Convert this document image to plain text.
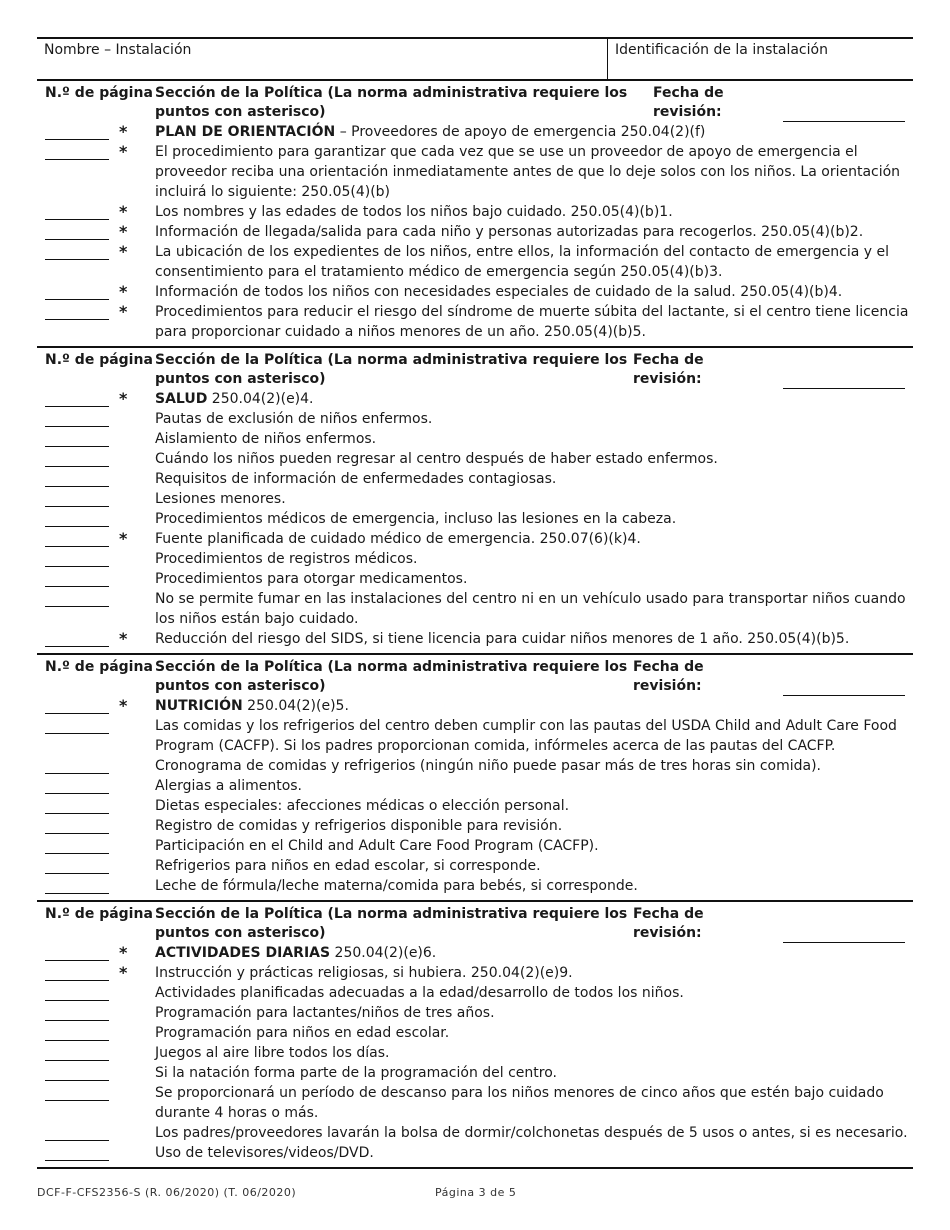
Nombre – Instalación	Identificación de la instalación
N.º de página Sección de la Política (La norma administrativa requiere los puntos con asterisco)
Fecha de revisión:
* PLAN DE ORIENTACIÓN – Proveedores de apoyo de emergencia 250.04(2)(f)
* El procedimiento para garantizar que cada vez que se use un proveedor de apoyo de emergencia el proveedor reciba una orientación inmediatamente antes de que lo deje solos con los niños. La orientación incluirá lo siguiente: 250.05(4)(b)
* Los nombres y las edades de todos los niños bajo cuidado. 250.05(4)(b)1.
* Información de llegada/salida para cada niño y personas autorizadas para recogerlos. 250.05(4)(b)2.
* La ubicación de los expedientes de los niños, entre ellos, la información del contacto de emergencia y el consentimiento para el tratamiento médico de emergencia según 250.05(4)(b)3.
* Información de todos los niños con necesidades especiales de cuidado de la salud. 250.05(4)(b)4.
* Procedimientos para reducir el riesgo del síndrome de muerte súbita del lactante, si el centro tiene licencia para proporcionar cuidado a niños menores de un año. 250.05(4)(b)5.
N.º de página Sección de la Política (La norma administrativa requiere los puntos con asterisco)
Fecha de revisión:
* SALUD 250.04(2)(e)4.
Pautas de exclusión de niños enfermos.
Aislamiento de niños enfermos.
Cuándo los niños pueden regresar al centro después de haber estado enfermos.
Requisitos de información de enfermedades contagiosas.
Lesiones menores.
Procedimientos médicos de emergencia, incluso las lesiones en la cabeza.
* Fuente planificada de cuidado médico de emergencia. 250.07(6)(k)4.
Procedimientos de registros médicos.
Procedimientos para otorgar medicamentos.
No se permite fumar en las instalaciones del centro ni en un vehículo usado para transportar niños cuando los niños están bajo cuidado.
* Reducción del riesgo del SIDS, si tiene licencia para cuidar niños menores de 1 año. 250.05(4)(b)5.
N.º de página Sección de la Política (La norma administrativa requiere los puntos con asterisco)
Fecha de revisión:
* NUTRICIÓN 250.04(2)(e)5.
Las comidas y los refrigerios del centro deben cumplir con las pautas del USDA Child and Adult Care Food Program (CACFP). Si los padres proporcionan comida, infórmeles acerca de las pautas del CACFP.
Cronograma de comidas y refrigerios (ningún niño puede pasar más de tres horas sin comida).
Alergias a alimentos.
Dietas especiales: afecciones médicas o elección personal.
Registro de comidas y refrigerios disponible para revisión.
Participación en el Child and Adult Care Food Program (CACFP).
Refrigerios para niños en edad escolar, si corresponde.
Leche de fórmula/leche materna/comida para bebés, si corresponde.
N.º de página Sección de la Política (La norma administrativa requiere los puntos con asterisco)
Fecha de revisión:
* ACTIVIDADES DIARIAS 250.04(2)(e)6.
* Instrucción y prácticas religiosas, si hubiera. 250.04(2)(e)9.
Actividades planificadas adecuadas a la edad/desarrollo de todos los niños.
Programación para lactantes/niños de tres años.
Programación para niños en edad escolar.
Juegos al aire libre todos los días.
Si la natación forma parte de la programación del centro.
Se proporcionará un período de descanso para los niños menores de cinco años que estén bajo cuidado durante 4 horas o más.
Los padres/proveedores lavarán la bolsa de dormir/colchonetas después de 5 usos o antes, si es necesario.
Uso de televisores/videos/DVD.
DCF-F-CFS2356-S (R. 06/2020) (T. 06/2020)	Página 3 de 5
